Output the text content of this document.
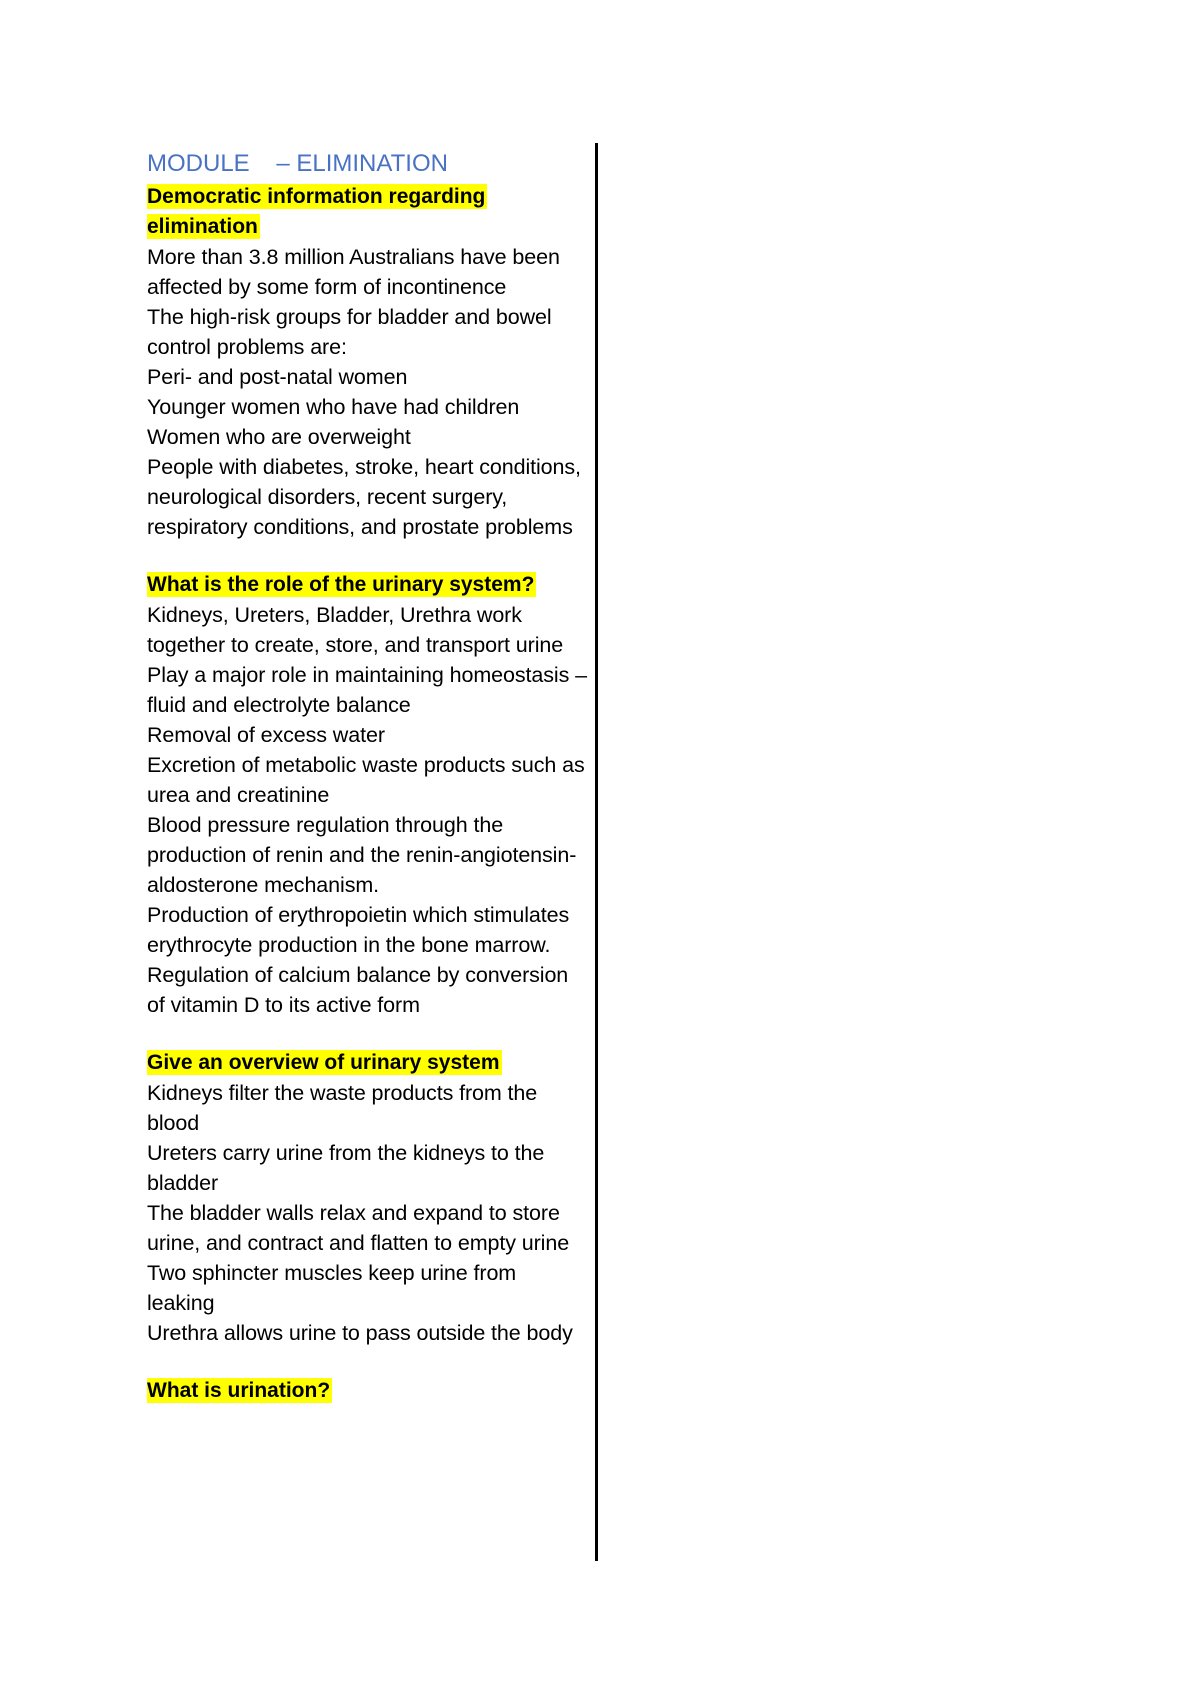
MODULE    – ELIMINATION

Democratic information regarding elimination

More than 3.8 million Australians have been affected by some form of incontinence

The high-risk groups for bladder and bowel control problems are:

Peri- and post-natal women

Younger women who have had children

Women who are overweight

People with diabetes, stroke, heart conditions, neurological disorders, recent surgery, respiratory conditions, and prostate problems

What is the role of the urinary system?

Kidneys, Ureters, Bladder, Urethra work together to create, store, and transport urine

Play a major role in maintaining homeostasis – fluid and electrolyte balance

Removal of excess water

Excretion of metabolic waste products such as urea and creatinine

Blood pressure regulation through the production of renin and the renin-angiotensin-aldosterone mechanism.

Production of erythropoietin which stimulates erythrocyte production in the bone marrow.

Regulation of calcium balance by conversion of vitamin D to its active form

Give an overview of urinary system

Kidneys filter the waste products from the blood

Ureters carry urine from the kidneys to the bladder

The bladder walls relax and expand to store urine, and contract and flatten to empty urine

Two sphincter muscles keep urine from leaking

Urethra allows urine to pass outside the body

What is urination?
